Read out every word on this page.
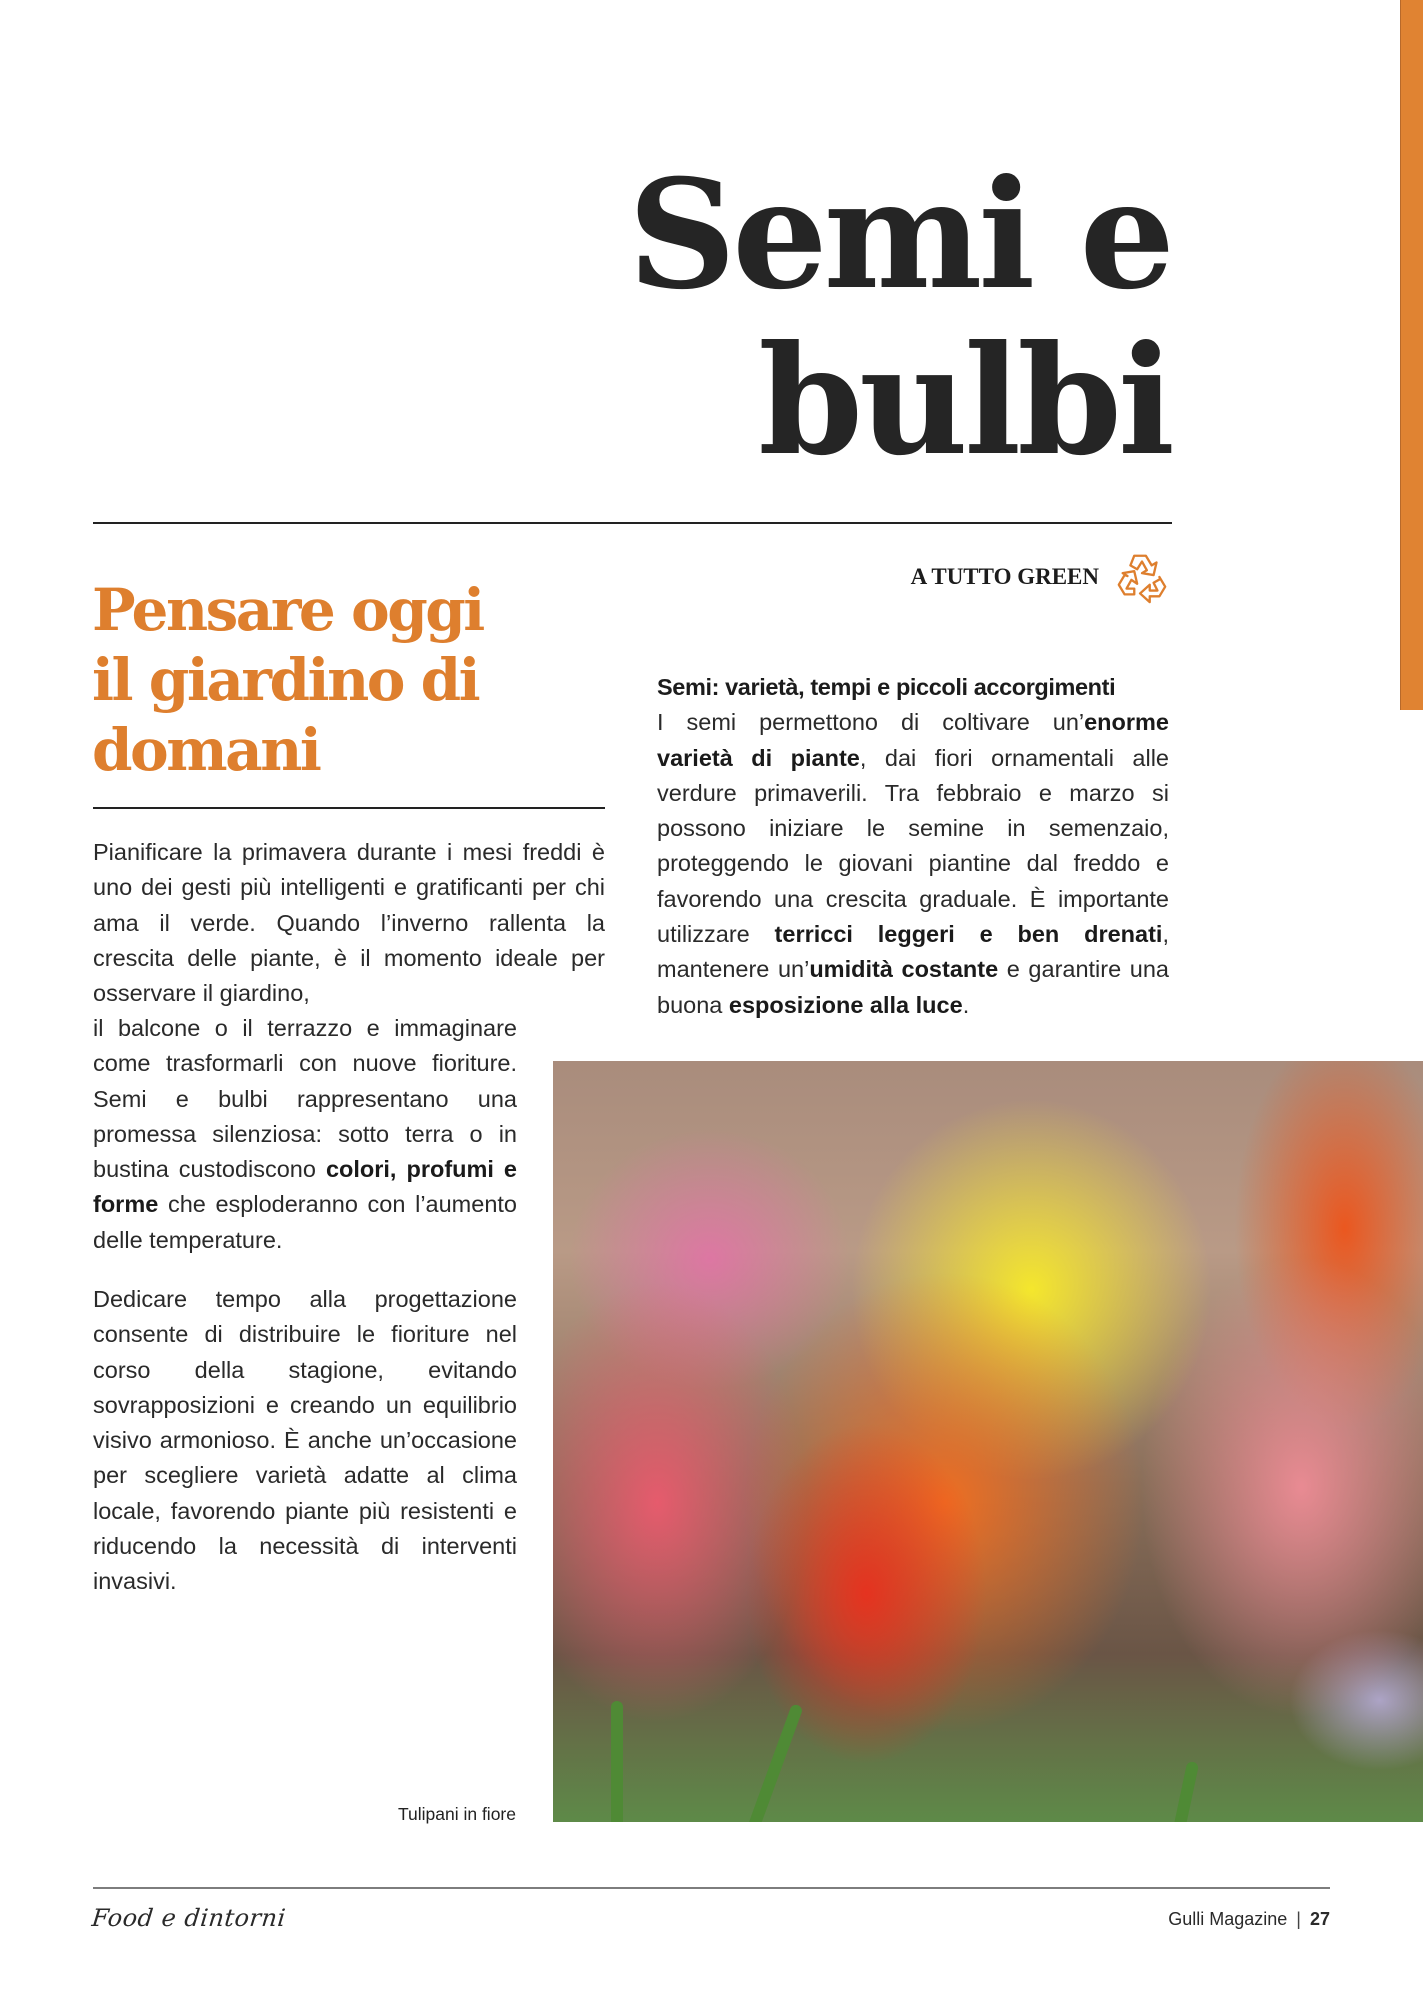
Semi e
bulbi
A TUTTO GREEN
Pensare oggi
il giardino di
domani

Pianificare la primavera durante i mesi freddi è uno dei gesti più intelligenti e gratificanti per chi ama il verde. Quando l’inverno rallenta la crescita delle piante, è il momento ideale per osservare il giardino,

il balcone o il terrazzo e immaginare come trasformarli con nuove fioriture. Semi e bulbi rappresentano una promessa silenziosa: sotto terra o in bustina custodiscono colori, profumi e forme che esploderanno con l’aumento delle temperature.

Dedicare tempo alla progettazione consente di distribuire le fioriture nel corso della stagione, evitando sovrapposizioni e creando un equilibrio visivo armonioso. È anche un’occasione per scegliere varietà adatte al clima locale, favorendo piante più resistenti e riducendo la necessità di interventi invasivi.

Semi: varietà, tempi e piccoli accorgimenti

I semi permettono di coltivare un’enorme varietà di piante, dai fiori ornamentali alle verdure primaverili. Tra febbraio e marzo si possono iniziare le semine in semenzaio, proteggendo le giovani piantine dal freddo e favorendo una crescita graduale. È importante utilizzare terricci leggeri e ben drenati, mantenere un’umidità costante e garantire una buona esposizione alla luce.

Tulipani in fiore
Food e dintorni	Gulli Magazine | 27
